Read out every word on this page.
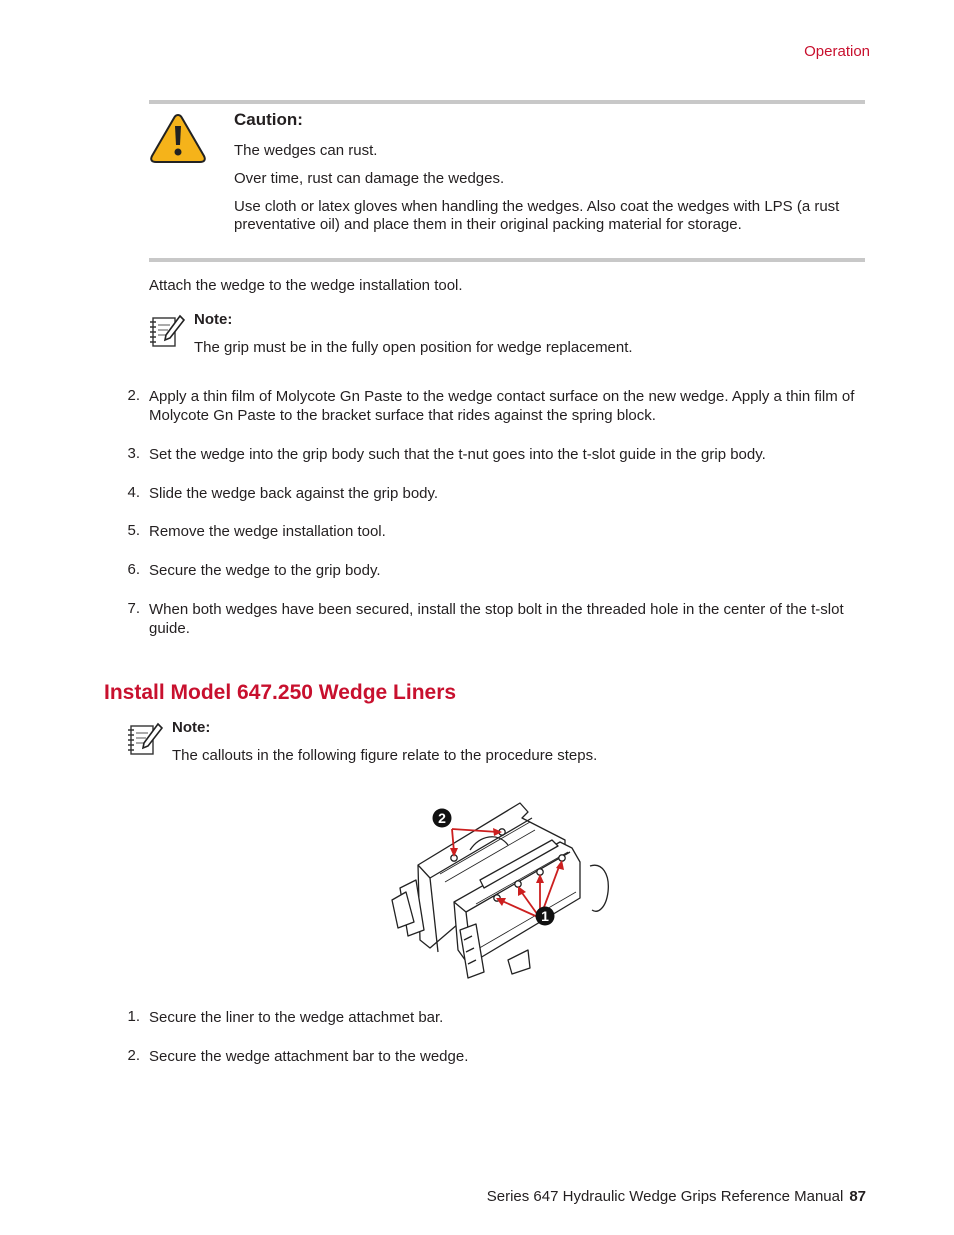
Operation
Caution:
The wedges can rust.
Over time, rust can damage the wedges.
Use cloth or latex gloves when handling the wedges. Also coat the wedges with LPS (a rust preventative oil) and place them in their original packing material for storage.
Attach the wedge to the wedge installation tool.
Note:
The grip must be in the fully open position for wedge replacement.
2. Apply a thin film of Molycote Gn Paste to the wedge contact surface on the new wedge. Apply a thin film of Molycote Gn Paste to the bracket surface that rides against the spring block.
3. Set the wedge into the grip body such that the t-nut goes into the t-slot guide in the grip body.
4. Slide the wedge back against the grip body.
5. Remove the wedge installation tool.
6. Secure the wedge to the grip body.
7. When both wedges have been secured, install the stop bolt in the threaded hole in the center of the t-slot guide.
Install Model 647.250 Wedge Liners
Note:
The callouts in the following figure relate to the procedure steps.
2
1
1. Secure the liner to the wedge attachmet bar.
2. Secure the wedge attachment bar to the wedge.
Series 647 Hydraulic Wedge Grips Reference Manual 87
